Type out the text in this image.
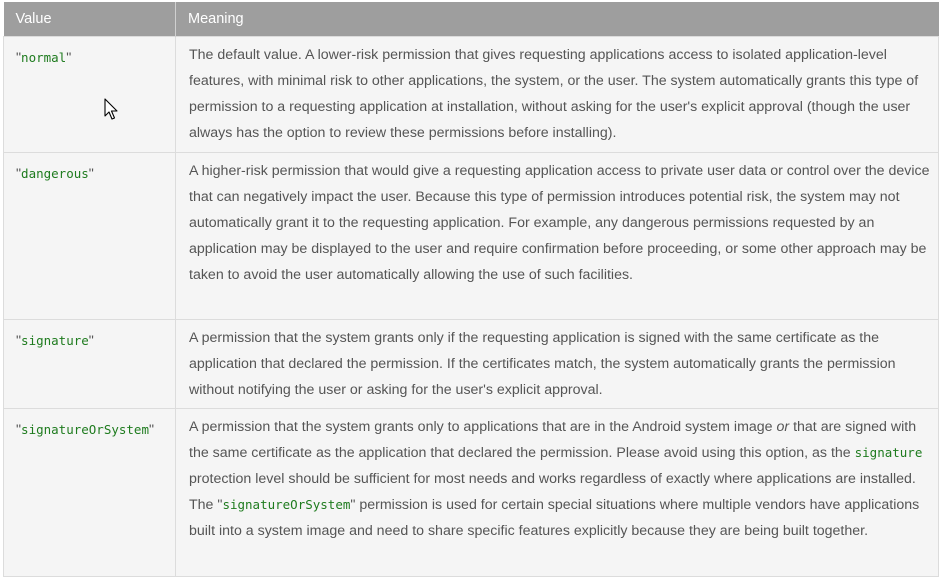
Value	Meaning
"normal"	The default value. A lower-risk permission that gives requesting applications access to isolated application-level features, with minimal risk to other applications, the system, or the user. The system automatically grants this type of permission to a requesting application at installation, without asking for the user's explicit approval (though the user always has the option to review these permissions before installing).
"dangerous"	A higher-risk permission that would give a requesting application access to private user data or control over the device that can negatively impact the user. Because this type of permission introduces potential risk, the system may not automatically grant it to the requesting application. For example, any dangerous permissions requested by an application may be displayed to the user and require confirmation before proceeding, or some other approach may be taken to avoid the user automatically allowing the use of such facilities.
"signature"	A permission that the system grants only if the requesting application is signed with the same certificate as the application that declared the permission. If the certificates match, the system automatically grants the permission without notifying the user or asking for the user's explicit approval.
"signatureOrSystem"	A permission that the system grants only to applications that are in the Android system image or that are signed with the same certificate as the application that declared the permission. Please avoid using this option, as the signature protection level should be sufficient for most needs and works regardless of exactly where applications are installed. The "signatureOrSystem" permission is used for certain special situations where multiple vendors have applications built into a system image and need to share specific features explicitly because they are being built together.
